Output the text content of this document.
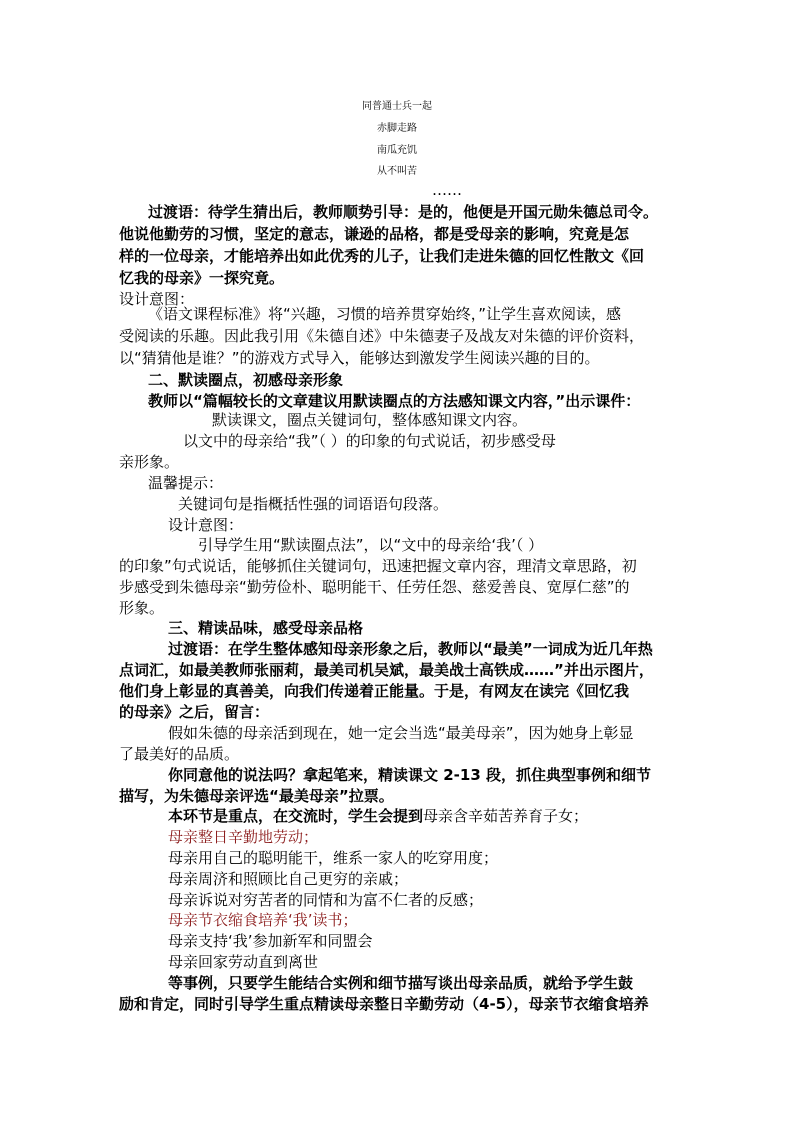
同普通士兵一起
赤脚走路
南瓜充饥
从不叫苦
……
过渡语：待学生猜出后，教师顺势引导：是的，他便是开国元勋朱德总司令。
他说他勤劳的习惯，坚定的意志，谦逊的品格，都是受母亲的影响，究竟是怎
样的一位母亲，才能培养出如此优秀的儿子，让我们走进朱德的回忆性散文《回
忆我的母亲》一探究竟。
设计意图：
《语文课程标准》将“兴趣，习惯的培养贯穿始终，”让学生喜欢阅读，感
受阅读的乐趣。因此我引用《朱德自述》中朱德妻子及战友对朱德的评价资料，
以“猜猜他是谁？”的游戏方式导入，能够达到激发学生阅读兴趣的目的。
二、默读圈点，初感母亲形象
教师以“篇幅较长的文章建议用默读圈点的方法感知课文内容，”出示课件：
默读课文，圈点关键词句，整体感知课文内容。
以文中的母亲给“我”（ ）的印象的句式说话，初步感受母
亲形象。
温馨提示：
关键词句是指概括性强的词语语句段落。
设计意图：
引导学生用“默读圈点法”，以“文中的母亲给‘我’（ ）
的印象”句式说话，能够抓住关键词句，迅速把握文章内容，理清文章思路，初
步感受到朱德母亲“勤劳俭朴、聪明能干、任劳任怨、慈爱善良、宽厚仁慈”的
形象。
三、精读品味，感受母亲品格
过渡语：在学生整体感知母亲形象之后，教师以“最美”一词成为近几年热
点词汇，如最美教师张丽莉，最美司机吴斌，最美战士高铁成……”并出示图片，
他们身上彰显的真善美，向我们传递着正能量。于是，有网友在读完《回忆我
的母亲》之后，留言：
假如朱德的母亲活到现在，她一定会当选“最美母亲”，因为她身上彰显
了最美好的品质。
你同意他的说法吗？拿起笔来，精读课文 2-13 段，抓住典型事例和细节
描写，为朱德母亲评选“最美母亲”拉票。
本环节是重点，在交流时，学生会提到母亲含辛茹苦养育子女；
母亲整日辛勤地劳动；
母亲用自己的聪明能干，维系一家人的吃穿用度；
母亲周济和照顾比自己更穷的亲戚；
母亲诉说对穷苦者的同情和为富不仁者的反感；
母亲节衣缩食培养‘我’读书；
母亲支持‘我’参加新军和同盟会
母亲回家劳动直到离世
等事例，只要学生能结合实例和细节描写谈出母亲品质，就给予学生鼓
励和肯定，同时引导学生重点精读母亲整日辛勤劳动（4-5），母亲节衣缩食培养
